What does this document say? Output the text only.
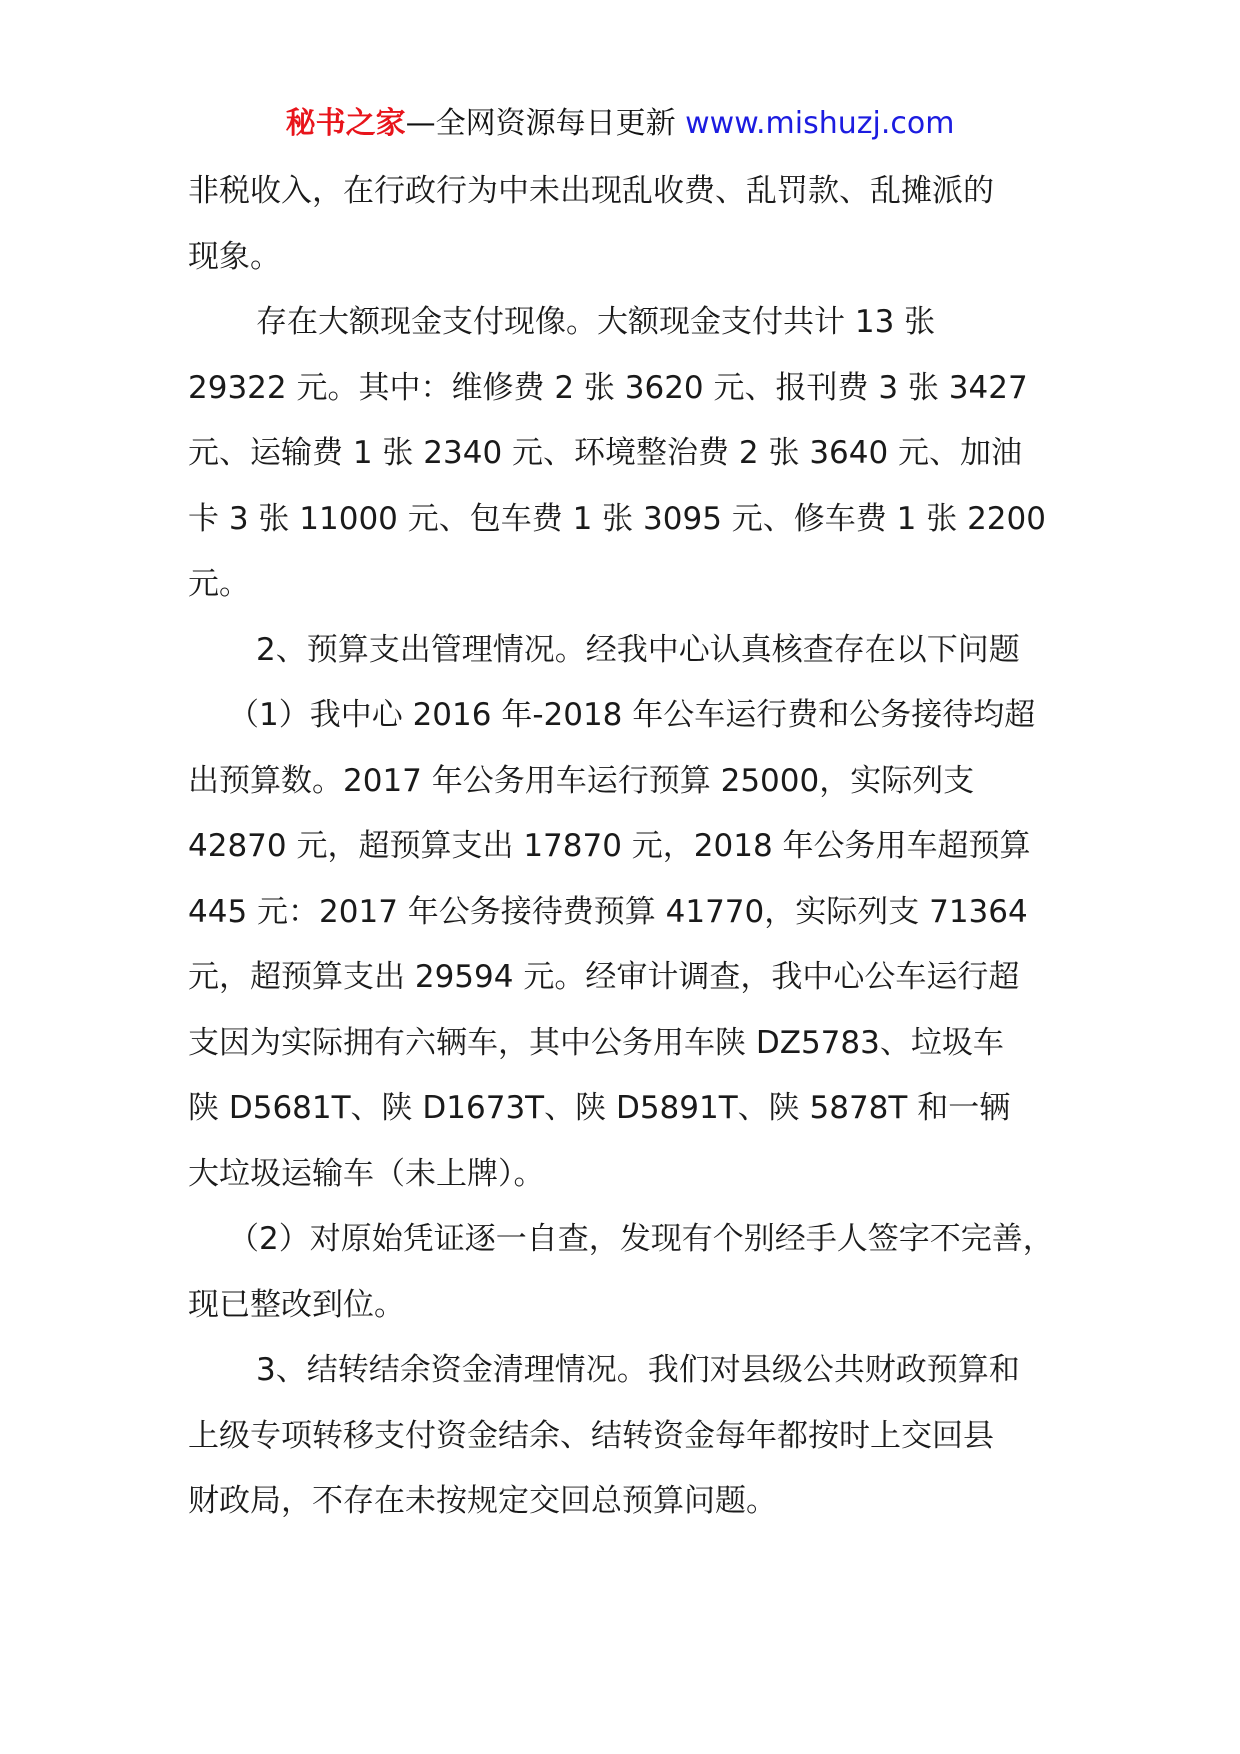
秘书之家—全网资源每日更新 www.mishuzj.com
非税收入，在行政行为中未出现乱收费、乱罚款、乱摊派的
现象。
存在大额现金支付现像。大额现金支付共计 13 张
29322 元。其中：维修费 2 张 3620 元、报刊费 3 张 3427
元、运输费 1 张 2340 元、环境整治费 2 张 3640 元、加油
卡 3 张 11000 元、包车费 1 张 3095 元、修车费 1 张 2200
元。
2、预算支出管理情况。经我中心认真核查存在以下问题
（1）我中心 2016 年-2018 年公车运行费和公务接待均超
出预算数。2017 年公务用车运行预算 25000，实际列支
42870 元，超预算支出 17870 元，2018 年公务用车超预算
445 元：2017 年公务接待费预算 41770，实际列支 71364
元，超预算支出 29594 元。经审计调查，我中心公车运行超
支因为实际拥有六辆车，其中公务用车陕 DZ5783、垃圾车
陕 D5681T、陕 D1673T、陕 D5891T、陕 5878T 和一辆
大垃圾运输车（未上牌）。
（2）对原始凭证逐一自查，发现有个别经手人签字不完善，
现已整改到位。
3、结转结余资金清理情况。我们对县级公共财政预算和
上级专项转移支付资金结余、结转资金每年都按时上交回县
财政局，不存在未按规定交回总预算问题。
